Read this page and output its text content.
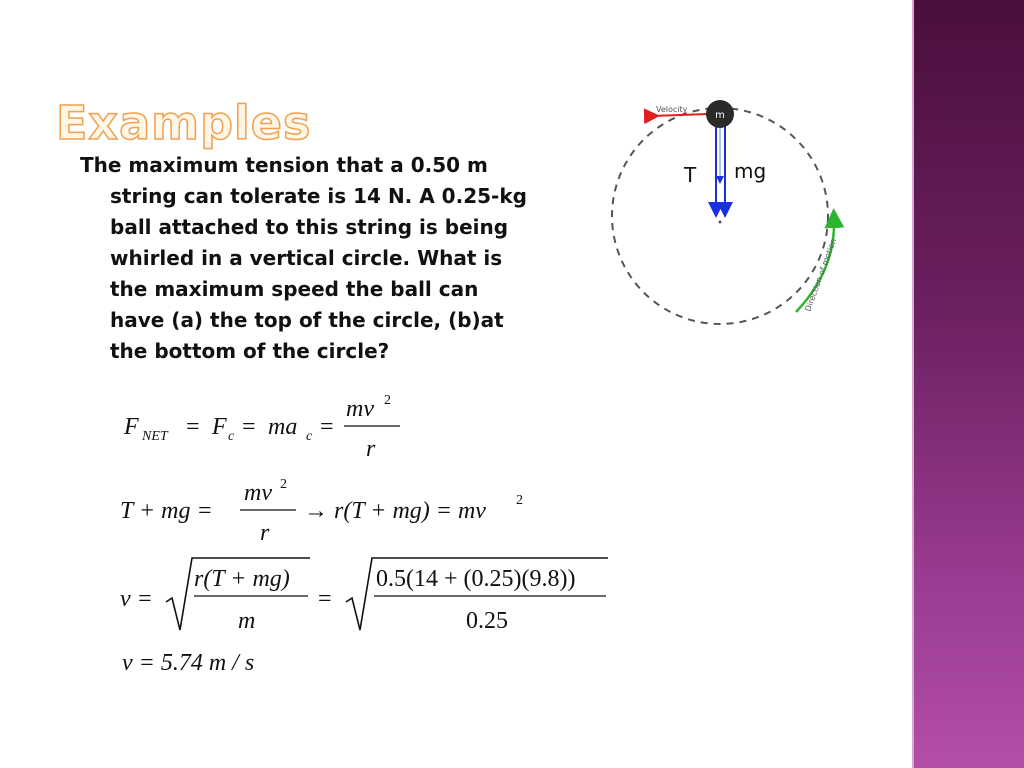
Examples

The maximum tension that a 0.50 m string can tolerate is 14 N. A 0.25-kg ball attached to this string is being whirled in a vertical circle. What is the maximum speed the ball can have (a) the top of the circle, (b)at the bottom of the circle?

Velocity
m
T mg
Direction of motion
F NET = F c = ma c =
mv 2
r
T + mg =
mv 2
r
→ r(T + mg) = mv 2
v =
r(T + mg)
m
=
0.5(14 + (0.25)(9.8))
0.25
v = 5.74 m / s
